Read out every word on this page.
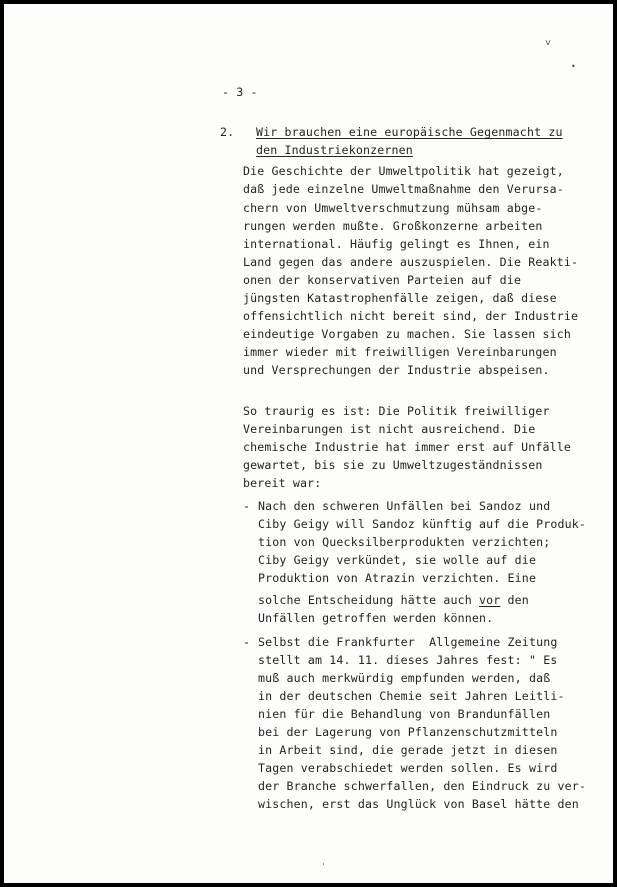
˅
•
- 3 -
2. Wir brauchen eine europäische Gegenmacht zu
den Industriekonzernen
Die Geschichte der Umweltpolitik hat gezeigt,
daß jede einzelne Umweltmaßnahme den Verursa-
chern von Umweltverschmutzung mühsam abge-
rungen werden mußte. Großkonzerne arbeiten
international. Häufig gelingt es Ihnen, ein
Land gegen das andere auszuspielen. Die Reakti-
onen der konservativen Parteien auf die
jüngsten Katastrophenfälle zeigen, daß diese
offensichtlich nicht bereit sind, der Industrie
eindeutige Vorgaben zu machen. Sie lassen sich
immer wieder mit freiwilligen Vereinbarungen
und Versprechungen der Industrie abspeisen.
So traurig es ist: Die Politik freiwilliger
Vereinbarungen ist nicht ausreichend. Die
chemische Industrie hat immer erst auf Unfälle
gewartet, bis sie zu Umweltzugeständnissen
bereit war:
- Nach den schweren Unfällen bei Sandoz und
Ciby Geigy will Sandoz künftig auf die Produk-
tion von Quecksilberprodukten verzichten;
Ciby Geigy verkündet, sie wolle auf die
Produktion von Atrazin verzichten. Eine
solche Entscheidung hätte auch vor den
Unfällen getroffen werden können.
- Selbst die Frankfurter  Allgemeine Zeitung
stellt am 14. 11. dieses Jahres fest: " Es
muß auch merkwürdig empfunden werden, daß
in der deutschen Chemie seit Jahren Leitli-
nien für die Behandlung von Brandunfällen
bei der Lagerung von Pflanzenschutzmitteln
in Arbeit sind, die gerade jetzt in diesen
Tagen verabschiedet werden sollen. Es wird
der Branche schwerfallen, den Eindruck zu ver-
wischen, erst das Unglück von Basel hätte den
ˈ
